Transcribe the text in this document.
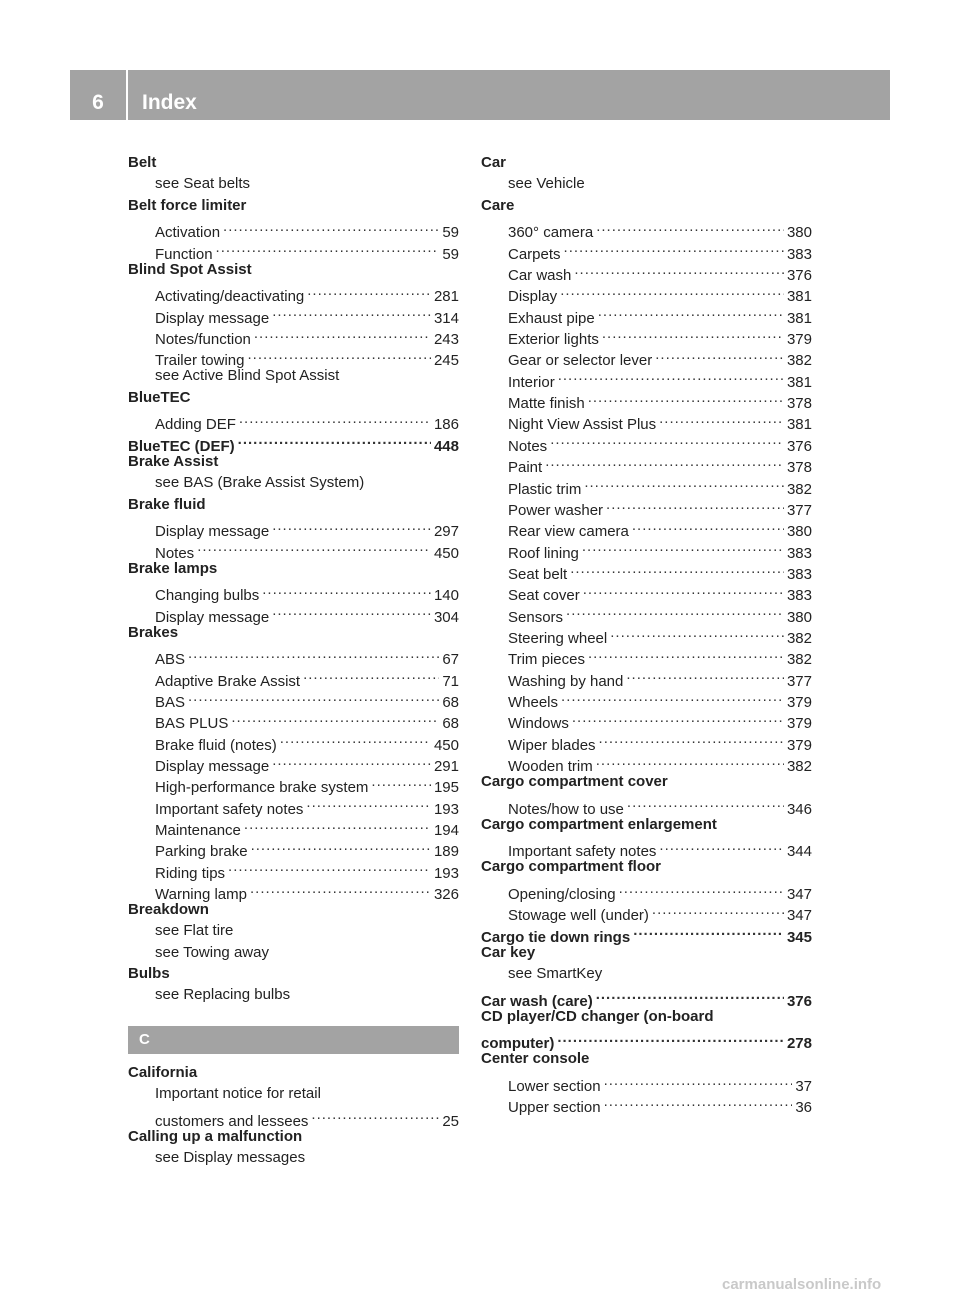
6	Index
Belt
see Seat belts
Belt force limiter
Activation .....	59
Function .....	59
Blind Spot Assist
Activating/deactivating .....	281
Display message .....	314
Notes/function .....	243
Trailer towing .....	245
see Active Blind Spot Assist
BlueTEC
Adding DEF .....	186
BlueTEC (DEF) .....	448
Brake Assist
see BAS (Brake Assist System)
Brake fluid
Display message .....	297
Notes .....	450
Brake lamps
Changing bulbs .....	140
Display message .....	304
Brakes
ABS .....	67
Adaptive Brake Assist .....	71
BAS .....	68
BAS PLUS .....	68
Brake fluid (notes) .....	450
Display message .....	291
High-performance brake system .....	195
Important safety notes .....	193
Maintenance .....	194
Parking brake .....	189
Riding tips .....	193
Warning lamp .....	326
Breakdown
see Flat tire
see Towing away
Bulbs
see Replacing bulbs
C
California
Important notice for retail
customers and lessees .....	25
Calling up a malfunction
see Display messages
Car
see Vehicle
Care
360° camera .....	380
Carpets .....	383
Car wash .....	376
Display .....	381
Exhaust pipe .....	381
Exterior lights .....	379
Gear or selector lever .....	382
Interior .....	381
Matte finish .....	378
Night View Assist Plus .....	381
Notes .....	376
Paint .....	378
Plastic trim .....	382
Power washer .....	377
Rear view camera .....	380
Roof lining .....	383
Seat belt .....	383
Seat cover .....	383
Sensors .....	380
Steering wheel .....	382
Trim pieces .....	382
Washing by hand .....	377
Wheels .....	379
Windows .....	379
Wiper blades .....	379
Wooden trim .....	382
Cargo compartment cover
Notes/how to use .....	346
Cargo compartment enlargement
Important safety notes .....	344
Cargo compartment floor
Opening/closing .....	347
Stowage well (under) .....	347
Cargo tie down rings .....	345
Car key
see SmartKey
Car wash (care) .....	376
CD player/CD changer (on-board
computer) .....	278
Center console
Lower section .....	37
Upper section .....	36
carmanualsonline.info
